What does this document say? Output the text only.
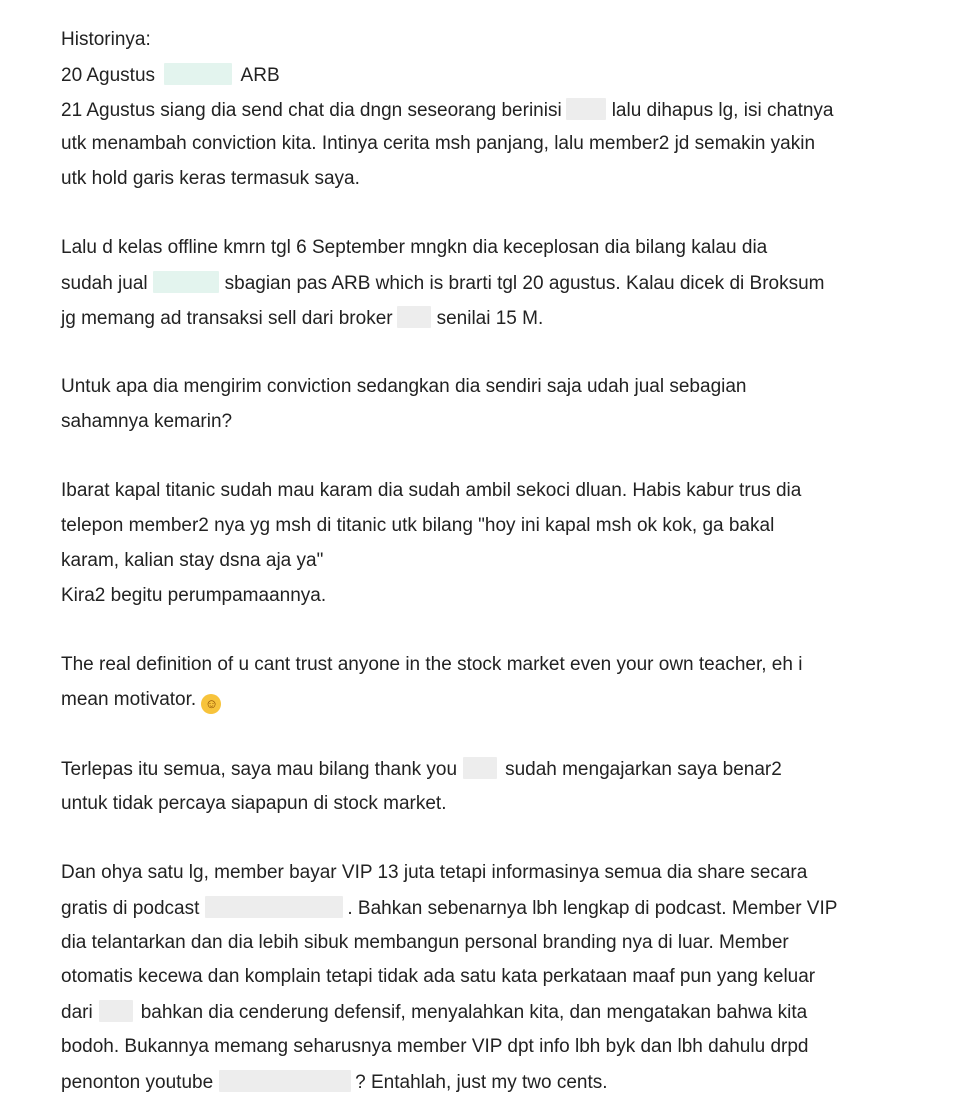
Historinya:
20 Agustus	ARB
21 Agustus siang dia send chat dia dngn seseorang berinisi	lalu dihapus lg, isi chatnya
utk menambah conviction kita. Intinya cerita msh panjang, lalu member2 jd semakin yakin
utk hold garis keras termasuk saya.
Lalu d kelas offline kmrn tgl 6 September mngkn dia keceplosan dia bilang kalau dia
sudah jual	sbagian pas ARB which is brarti tgl 20 agustus. Kalau dicek di Broksum
jg memang ad transaksi sell dari broker senilai 15 M.
Untuk apa dia mengirim conviction sedangkan dia sendiri saja udah jual sebagian
sahamnya kemarin?
Ibarat kapal titanic sudah mau karam dia sudah ambil sekoci dluan. Habis kabur trus dia
telepon member2 nya yg msh di titanic utk bilang "hoy ini kapal msh ok kok, ga bakal
karam, kalian stay dsna aja ya"
Kira2 begitu perumpamaannya.
The real definition of u cant trust anyone in the stock market even your own teacher, eh i
mean motivator. ☺
Terlepas itu semua, saya mau bilang thank you	sudah mengajarkan saya benar2
untuk tidak percaya siapapun di stock market.
Dan ohya satu lg, member bayar VIP 13 juta tetapi informasinya semua dia share secara
gratis di podcast	. Bahkan sebenarnya lbh lengkap di podcast. Member VIP
dia telantarkan dan dia lebih sibuk membangun personal branding nya di luar. Member
otomatis kecewa dan komplain tetapi tidak ada satu kata perkataan maaf pun yang keluar
dari	bahkan dia cenderung defensif, menyalahkan kita, dan mengatakan bahwa kita
bodoh. Bukannya memang seharusnya member VIP dpt info lbh byk dan lbh dahulu drpd
penonton youtube	? Entahlah, just my two cents.
